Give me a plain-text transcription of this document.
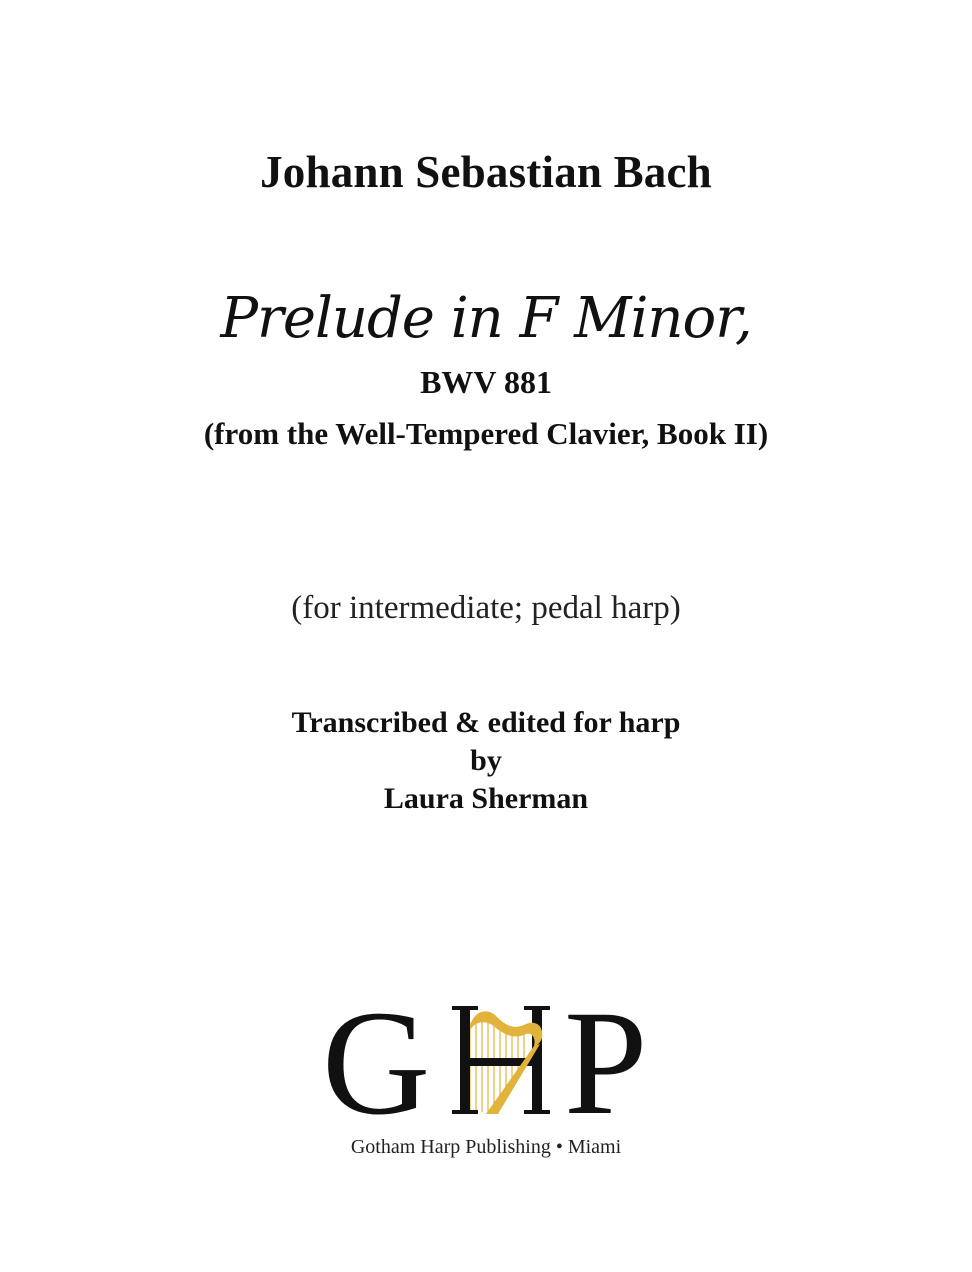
Johann Sebastian Bach
Prelude in F Minor,
BWV 881
(from the Well-Tempered Clavier, Book II)
(for intermediate; pedal harp)
Transcribed & edited for harp
by
Laura Sherman
G P
Gotham Harp Publishing • Miami
